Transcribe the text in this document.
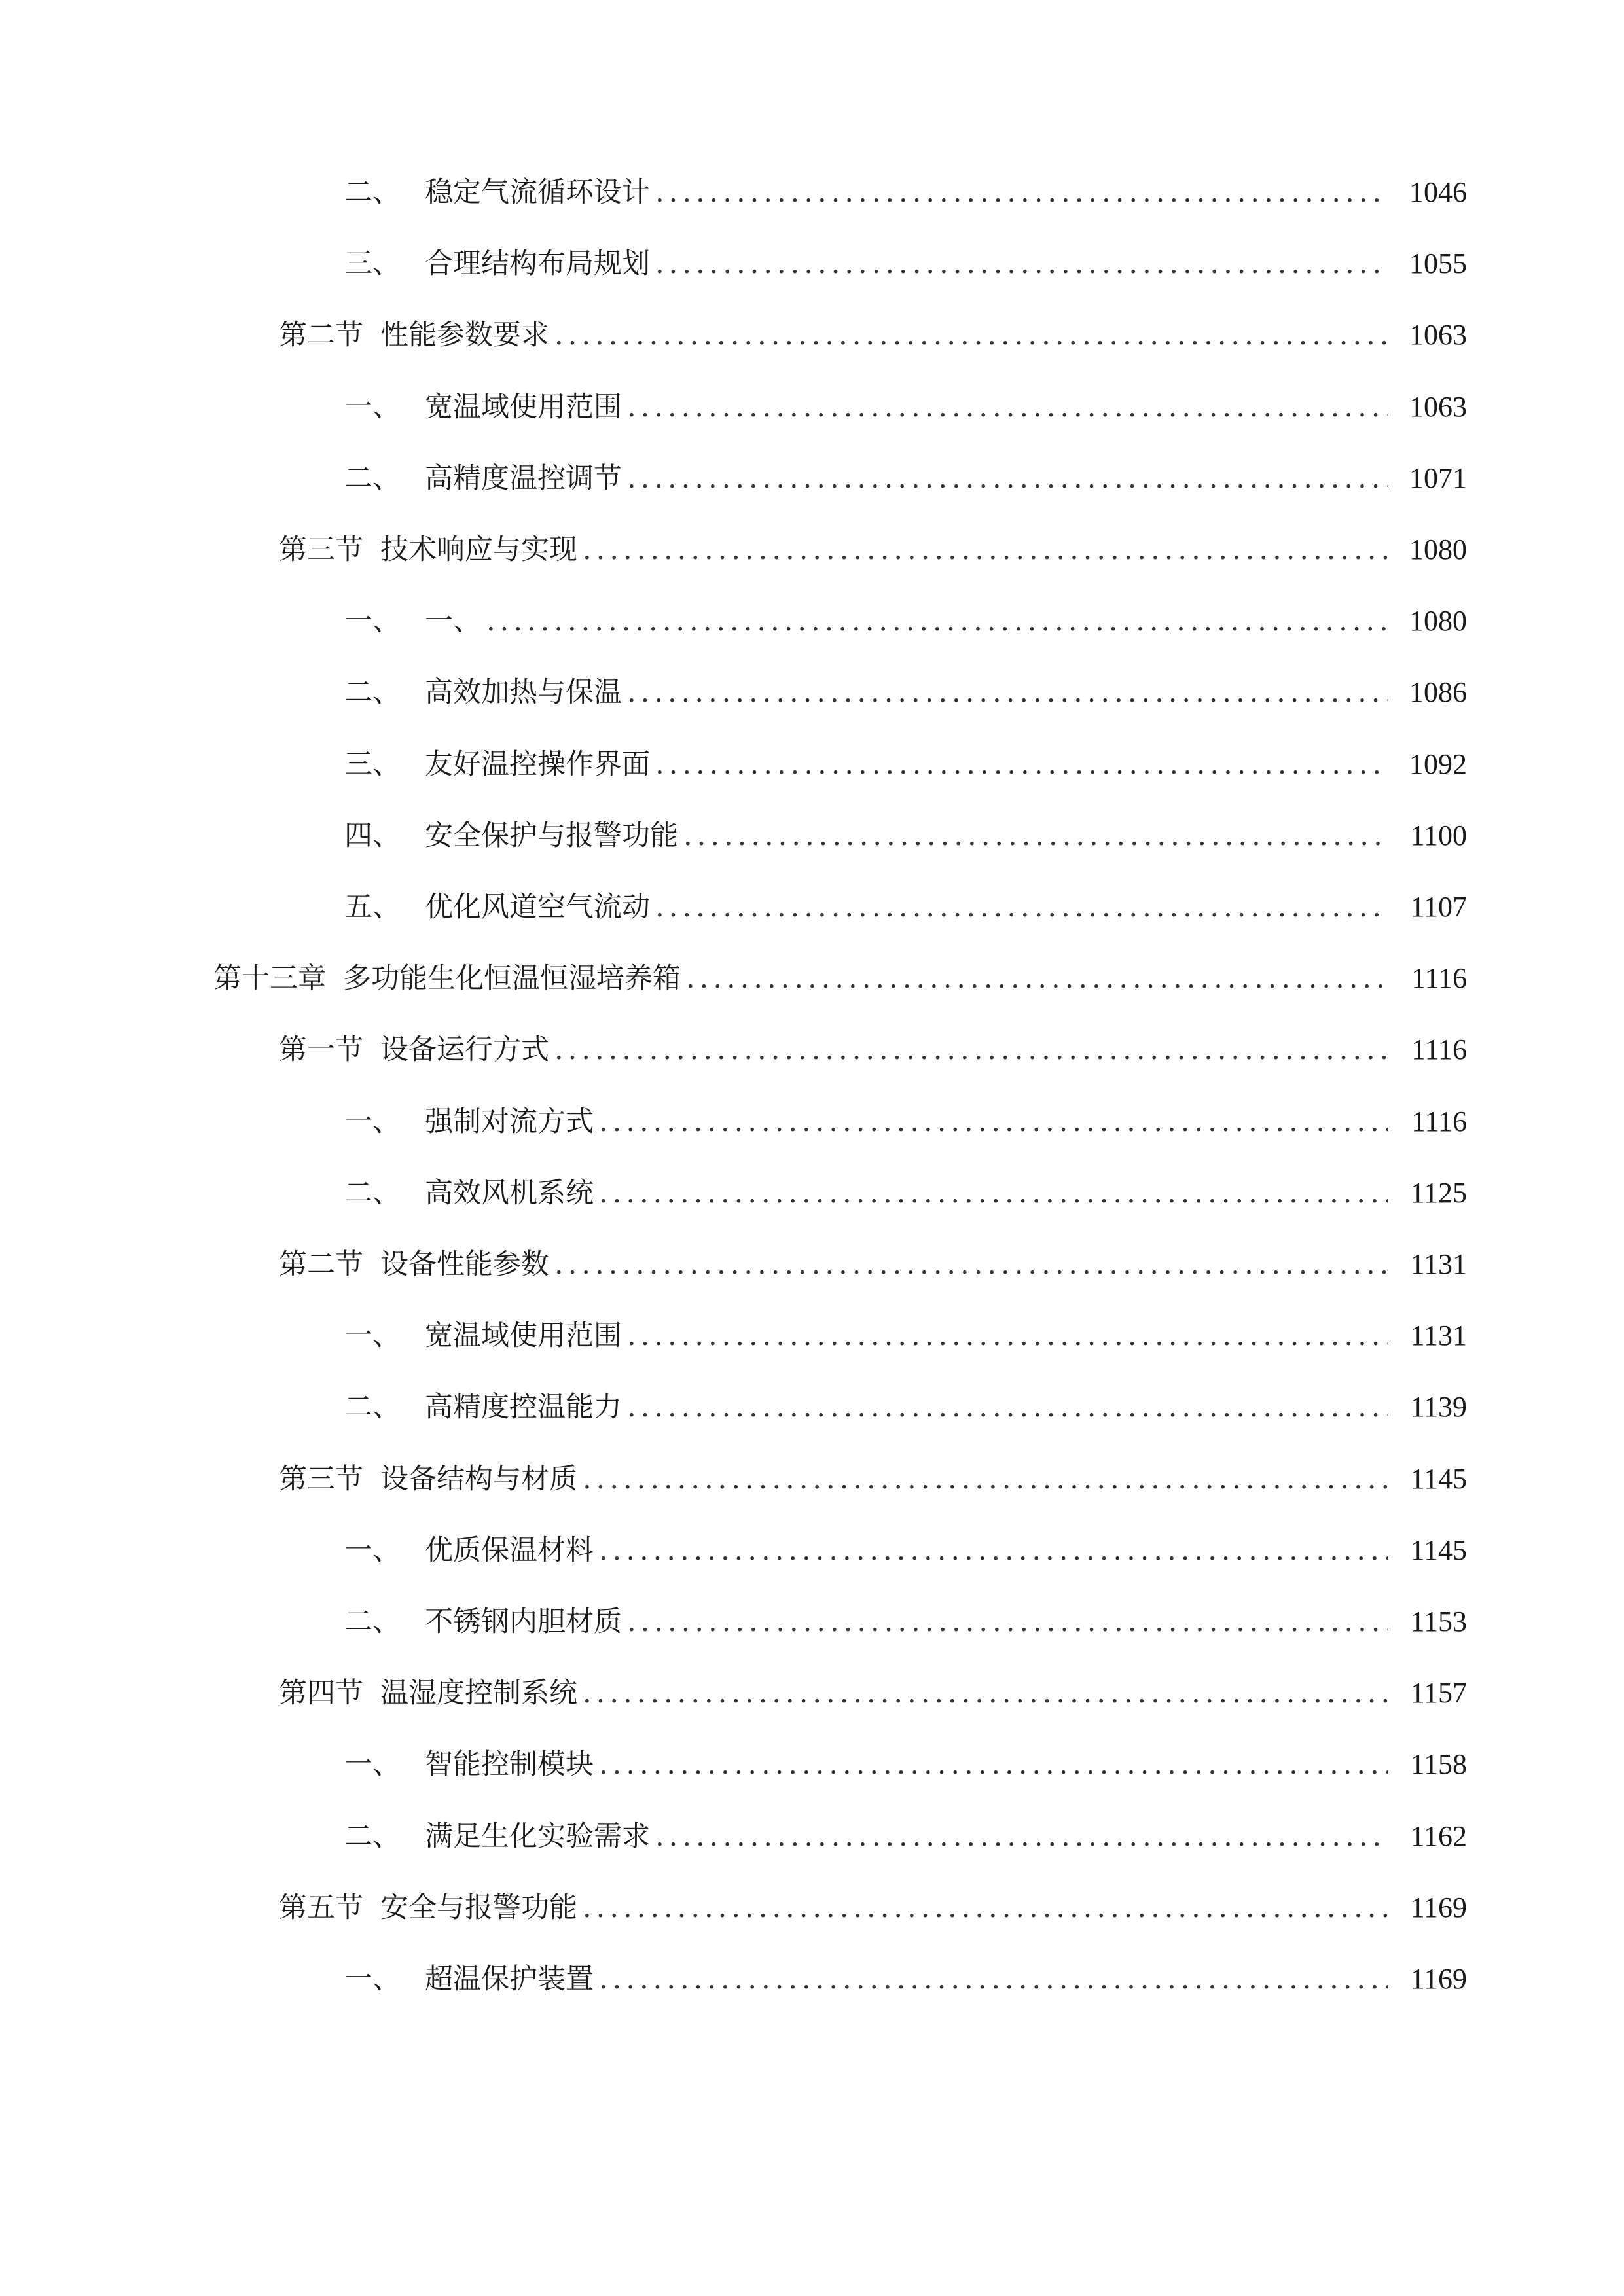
二、 稳定气流循环设计 .....	1046
三、 合理结构布局规划 .....	1055
第二节 性能参数要求 .....	1063
一、 宽温域使用范围 .....	1063
二、 高精度温控调节 .....	1071
第三节 技术响应与实现 .....	1080
一、 一、 .....	1080
二、 高效加热与保温 .....	1086
三、 友好温控操作界面 .....	1092
四、 安全保护与报警功能 .....	1100
五、 优化风道空气流动 .....	1107
第十三章 多功能生化恒温恒湿培养箱 .....	1116
第一节 设备运行方式 .....	1116
一、 强制对流方式 .....	1116
二、 高效风机系统 .....	1125
第二节 设备性能参数 .....	1131
一、 宽温域使用范围 .....	1131
二、 高精度控温能力 .....	1139
第三节 设备结构与材质 .....	1145
一、 优质保温材料 .....	1145
二、 不锈钢内胆材质 .....	1153
第四节 温湿度控制系统 .....	1157
一、 智能控制模块 .....	1158
二、 满足生化实验需求 .....	1162
第五节 安全与报警功能 .....	1169
一、 超温保护装置 .....	1169
